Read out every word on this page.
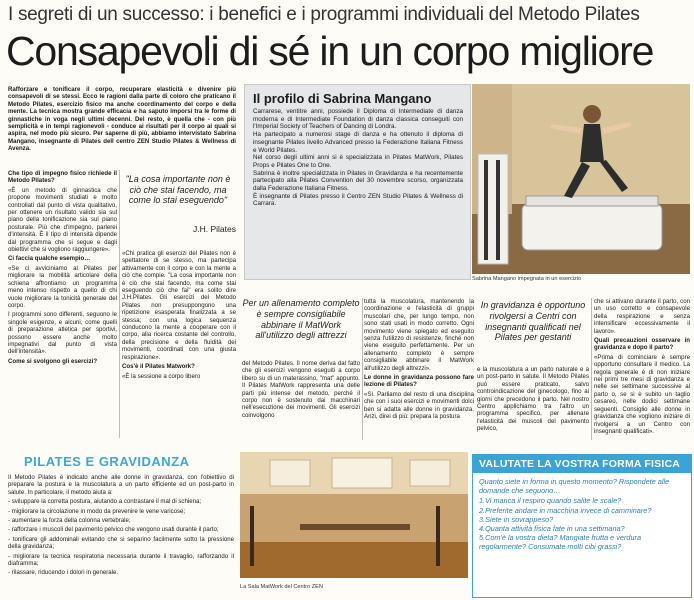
I segreti di un successo: i benefici e i programmi individuali del Metodo Pilates
Consapevoli di sé in un corpo migliore
Rafforzare e tonificare il corpo, recuperare elasticità e divenire più consapevoli di se stessi. Ecco le ragioni dalla parte di coloro che praticano il Metodo Pilates, esercizio fisico ma anche coordinamento del corpo e della mente. La tecnica mostra grande efficacia e ha saputo imporsi tra le forme di ginnastiche in voga negli ultimi decenni. Del resto, è quella che - con più semplicità e in tempi ragionevoli - conduce ai risultati per il corpo ai quali si aspira, nel modo più sicuro. Per saperne di più, abbiamo intervistato Sabrina Mangano, insegnante di Pilates dell centro ZEN Studio Pilates & Wellness di Avenza.

Che tipo di impegno fisico richiede il Metodo Pilates?

«È un metodo di ginnastica che propone movimenti studiati e molto controllati dal punto di vista qualitativo, per ottenere un risultato valido sia sul piano della tonificazione sia sul piano posturale. Più che d'impegno, parlerei d'intensità. È il tipo di intensità dipende dal programma che si segue e dagli obiettivi che si vogliono raggiungere».

Ci faccia qualche esempio…

«Se ci avviciniamo al Pilates per migliorare la mobilità articolare della schiena affrontiamo un programma meno intenso rispetto a quello di chi vuole migliorare la tonicità generale del corpo.

I programmi sono differenti, seguono le singole esigenze, e alcuni, come quelli di preparazione atletica per sportivi, possono essere anche molto impegnativi dal punto di vista dell'intensità».

Come si svolgono gli esercizi?

"La cosa importante non è ciò che stai facendo, ma come lo stai eseguendo"
J.H. Pilates

«Chi pratica gli esercizi del Pilates non è spettatore di se stesso, ma partecipa attivamente con il corpo e con la mente a ciò che compie. "La cosa importante non è ciò che stai facendo, ma come stai eseguendo ciò che fai" era solito dire J.H.Pilates. Gli esercizi del Metodo Pilates non presuppongono una ripetizione esasperata finalizzata a se stessa; con una logica sequenza conducono la mente a cooperare con il corpo, alla ricerca costante del controllo, della precisione e della fluidità dei movimenti, coordinati con una giusta respirazione».

Cos'è il Pilates Matwork?

«È la sessione a corpo libero

Il profilo di Sabrina Mangano
Carrarese, ventitre anni, possiede il Diploma di Intermediate di danza moderna e di Intermediate Foundation di danza classica conseguiti con l'Imperial Society of Teachers of Dancing di Londra.
Ha partecipato a numerosi stage di danza e ha ottenuto il diploma di insegnante Pilates livello Advanced presso la Federazione Italiana Fitness e World Pilates.
Nel corso degli ultimi anni si è specializzata in Pilates MatWork, Pilates Props e Pilates One to One.
Sabrina è inoltre specializzata in Pilates in Gravidanza e ha recentemente partecipato alla Pilates Convention del 30 novembre scorso, organizzata dalla Federazione Italiana Fitness.
È insegnante di Pilates presso il Centro ZEN Studio Pilates & Wellness di Carrara.
Sabrina Mangano impegnata in un esercizio
Per un allenamento completo è sempre consigliabile abbinare il MatWork all'utilizzo degli attrezzi
del Metodo Pilates. Il nome deriva dal fatto che gli esercizi vengono eseguiti a corpo libero su di un materassino, "mat" appunto. Il Pilates MatWork rappresenta una delle parti più intense del metodo, perché il corpo non è sostenuto dai macchinari nell'esecuzione dei movimenti. Gli esercizi coinvolgono

tutta la muscolatura, mantenendo la coordinazione e l'elasticità di gruppi muscolari che, per lungo tempo, non sono stati usati in modo corretto. Ogni movimento viene spiegato ed eseguito senza l'utilizzo di resistenze, finché non viene eseguito perfettamente. Per un allenamento completo è sempre consigliabile abbinare il MatWork all'utilizzo degli attrezzi».

Le donne in gravidanza possono fare lezione di Pilates?

«Sì. Parliamo del resto di una disciplina che con i suoi esercizi e movimenti dolci ben si adatta alle donne in gravidanza. Anzi, direi di più: prepara la postura

In gravidanza è opportuno rivolgersi a Centri con insegnanti qualificati nel Pilates per gestanti
e la muscolatura a un parto naturale e a un post-parto in salute. Il Metodo Pilates può essere praticato, salvo controindicazione del ginecologo, fino ai giorni che precedono il parto. Nel nostro Centro applichiamo tra l'altro un programma specifico, per allenare l'elasticità dei muscoli del pavimento pelvico,

che si attivano durante il parto, con un uso corretto e consapevole della respirazione e senza intensificare eccessivamente il lavoro».

Quali precauzioni osservare in gravidanza e dopo il parto?

«Prima di cominciare è sempre opportuno consultare il medico. La regola generale è di non iniziare nei primi tre mesi di gravidanza e nelle sei settimane successive al parto o, se si è subito un taglio cesareo, nelle dodici settimane seguenti. Consiglio alle donne in gravidanza che vogliono iniziare di rivolgersi a un Centro con insegnanti qualificati».

PILATES E GRAVIDANZA

Il Metodo Pilates è indicato anche alle donne in gravidanza, con l'obiettivo di preparare la postura e la muscolatura a un parto efficiente ed un post-parto in salute. In particolare, il metodo aiuta a:

- sviluppare la corretta postura, aiutando a contrastare il mal di schiena;

- migliorare la circolazione in modo da prevenire le vene varicose;

- aumentare la forza della colonna vertebrale;

- rafforzare i muscoli del pavimento pelvico che vengono usati durante il parto;

- tonificare gli addominali evitando che si separino facilmente sotto la pressione della gravidanza;

- migliorare la tecnica respiratoria necessaria durante il travaglio, rafforzando il diaframma;

- rilassare, riducendo i dolori in generale.

La Sala MatWork del Centro ZEN
VALUTATE LA VOSTRA FORMA FISICA
Quanto siete in forma in questo momento? Rispondete alle domande che seguono…
1.Vi manca il respiro quando salite le scale?
2.Preferite andare in macchina invece di camminare?
3.Siete in sovrappeso?
4.Quanta attività fisica fate in una settimana?
5.Com'è la vostra dieta? Mangiate frutta e verdura regolarmente? Consumate molti cibi grassi?
